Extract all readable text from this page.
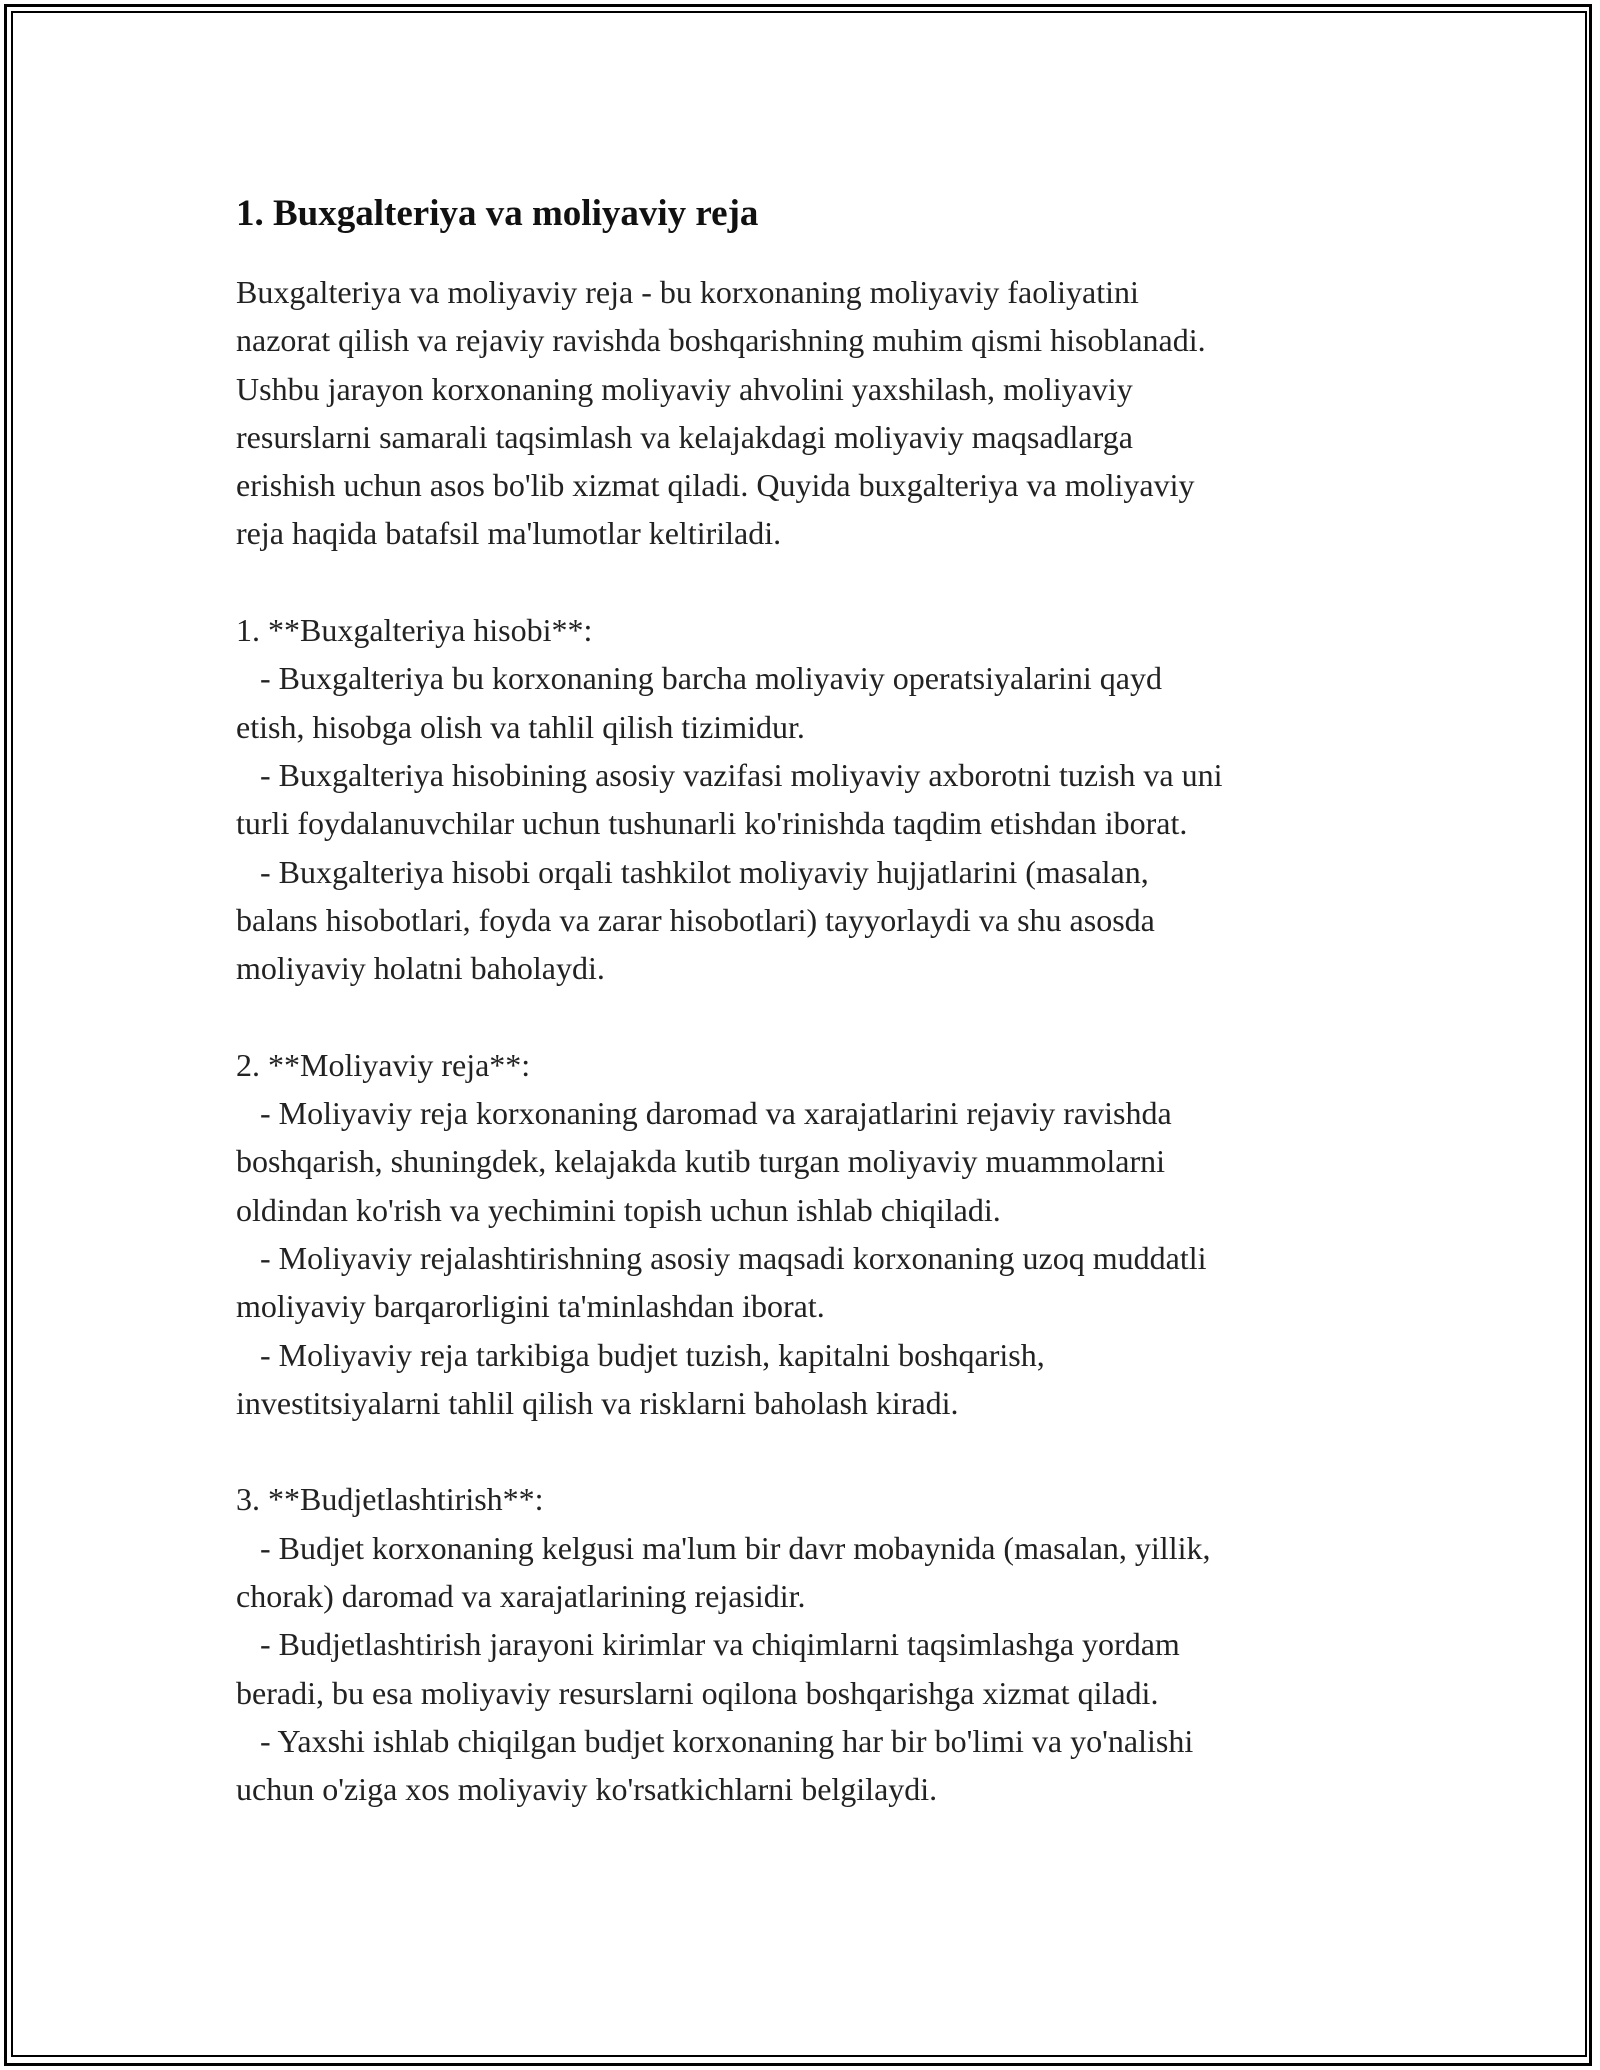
1. Buxgalteriya va moliyaviy reja
Buxgalteriya va moliyaviy reja - bu korxonaning moliyaviy faoliyatini
nazorat qilish va rejaviy ravishda boshqarishning muhim qismi hisoblanadi.
Ushbu jarayon korxonaning moliyaviy ahvolini yaxshilash, moliyaviy
resurslarni samarali taqsimlash va kelajakdagi moliyaviy maqsadlarga
erishish uchun asos bo'lib xizmat qiladi. Quyida buxgalteriya va moliyaviy
reja haqida batafsil ma'lumotlar keltiriladi.

1. **Buxgalteriya hisobi**:
- Buxgalteriya bu korxonaning barcha moliyaviy operatsiyalarini qayd
etish, hisobga olish va tahlil qilish tizimidur.
- Buxgalteriya hisobining asosiy vazifasi moliyaviy axborotni tuzish va uni
turli foydalanuvchilar uchun tushunarli ko'rinishda taqdim etishdan iborat.
- Buxgalteriya hisobi orqali tashkilot moliyaviy hujjatlarini (masalan,
balans hisobotlari, foyda va zarar hisobotlari) tayyorlaydi va shu asosda
moliyaviy holatni baholaydi.

2. **Moliyaviy reja**:
- Moliyaviy reja korxonaning daromad va xarajatlarini rejaviy ravishda
boshqarish, shuningdek, kelajakda kutib turgan moliyaviy muammolarni
oldindan ko'rish va yechimini topish uchun ishlab chiqiladi.
- Moliyaviy rejalashtirishning asosiy maqsadi korxonaning uzoq muddatli
moliyaviy barqarorligini ta'minlashdan iborat.
- Moliyaviy reja tarkibiga budjet tuzish, kapitalni boshqarish,
investitsiyalarni tahlil qilish va risklarni baholash kiradi.

3. **Budjetlashtirish**:
- Budjet korxonaning kelgusi ma'lum bir davr mobaynida (masalan, yillik,
chorak) daromad va xarajatlarining rejasidir.
- Budjetlashtirish jarayoni kirimlar va chiqimlarni taqsimlashga yordam
beradi, bu esa moliyaviy resurslarni oqilona boshqarishga xizmat qiladi.
- Yaxshi ishlab chiqilgan budjet korxonaning har bir bo'limi va yo'nalishi
uchun o'ziga xos moliyaviy ko'rsatkichlarni belgilaydi.
